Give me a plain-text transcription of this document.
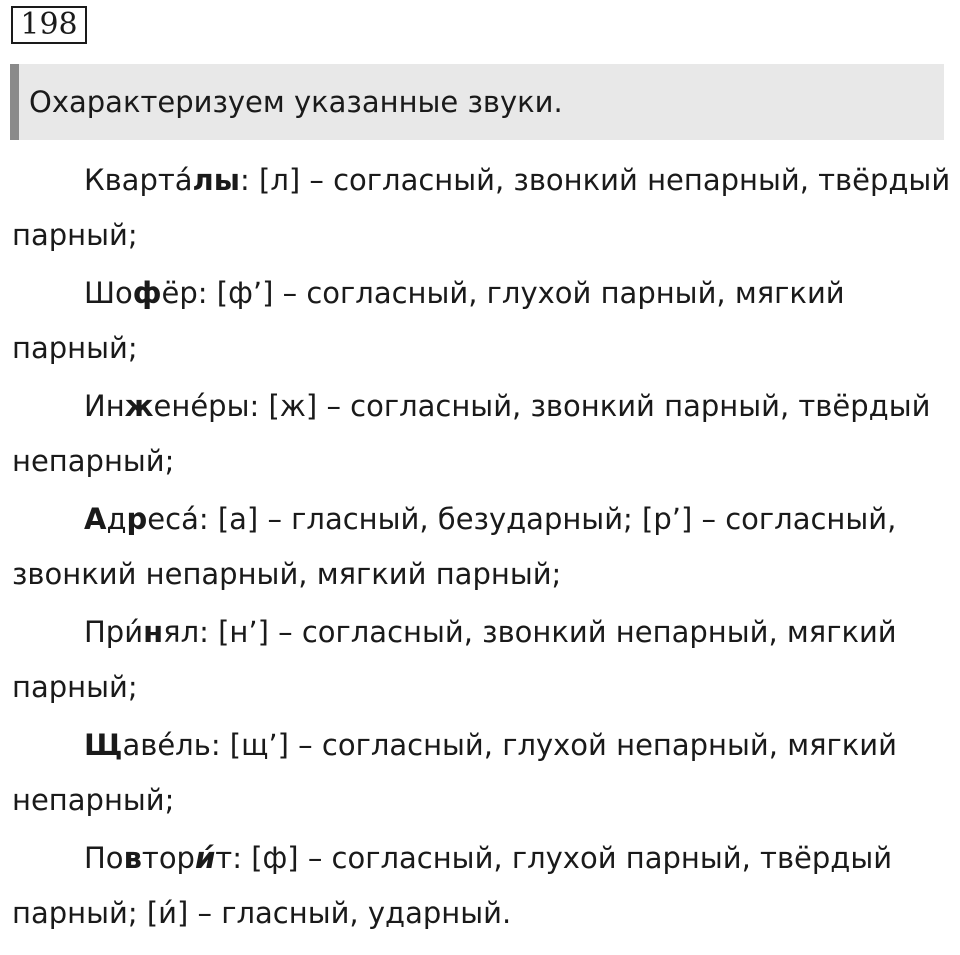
198
Охарактеризуем указанные звуки.

Квартáлы: [л] – согласный, звонкий непарный, твёрдый парный;

Шофёр: [ф’] – согласный, глухой парный, мягкий парный;

Инженéры: [ж] – согласный, звонкий парный, твёрдый непарный;

Адресá: [а] – гласный, безударный; [р’] – согласный, звонкий непарный, мягкий парный;

При́нял: [н’] – согласный, звонкий непарный, мягкий парный;

Щавéль: [щ’] – согласный, глухой непарный, мягкий непарный;

Повтори́т: [ф] – согласный, глухой парный, твёрдый парный; [и́] – гласный, ударный.
